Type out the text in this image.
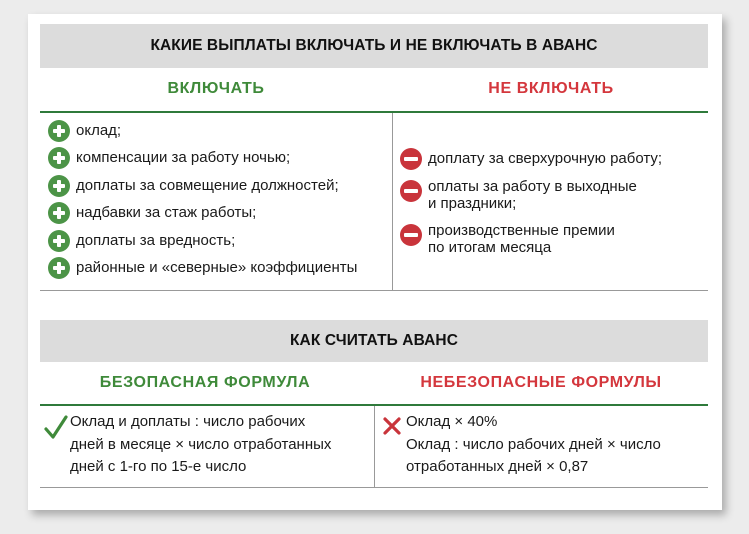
КАКИЕ ВЫПЛАТЫ ВКЛЮЧАТЬ И НЕ ВКЛЮЧАТЬ В АВАНС
ВКЛЮЧАТЬ	НЕ ВКЛЮЧАТЬ
оклад;
компенсации за работу ночью;
доплаты за совмещение должностей;
надбавки за стаж работы;
доплаты за вредность;
районные и «северные» коэффициенты
доплату за сверхурочную работу;
оплаты за работу в выходные
и праздники;
производственные премии
по итогам месяца
КАК СЧИТАТЬ АВАНС
БЕЗОПАСНАЯ ФОРМУЛА	НЕБЕЗОПАСНЫЕ ФОРМУЛЫ
Оклад и доплаты : число рабочих
дней в месяце × число отработанных
дней с 1-го по 15-е число
Оклад × 40%
Оклад : число рабочих дней × число
отработанных дней × 0,87
